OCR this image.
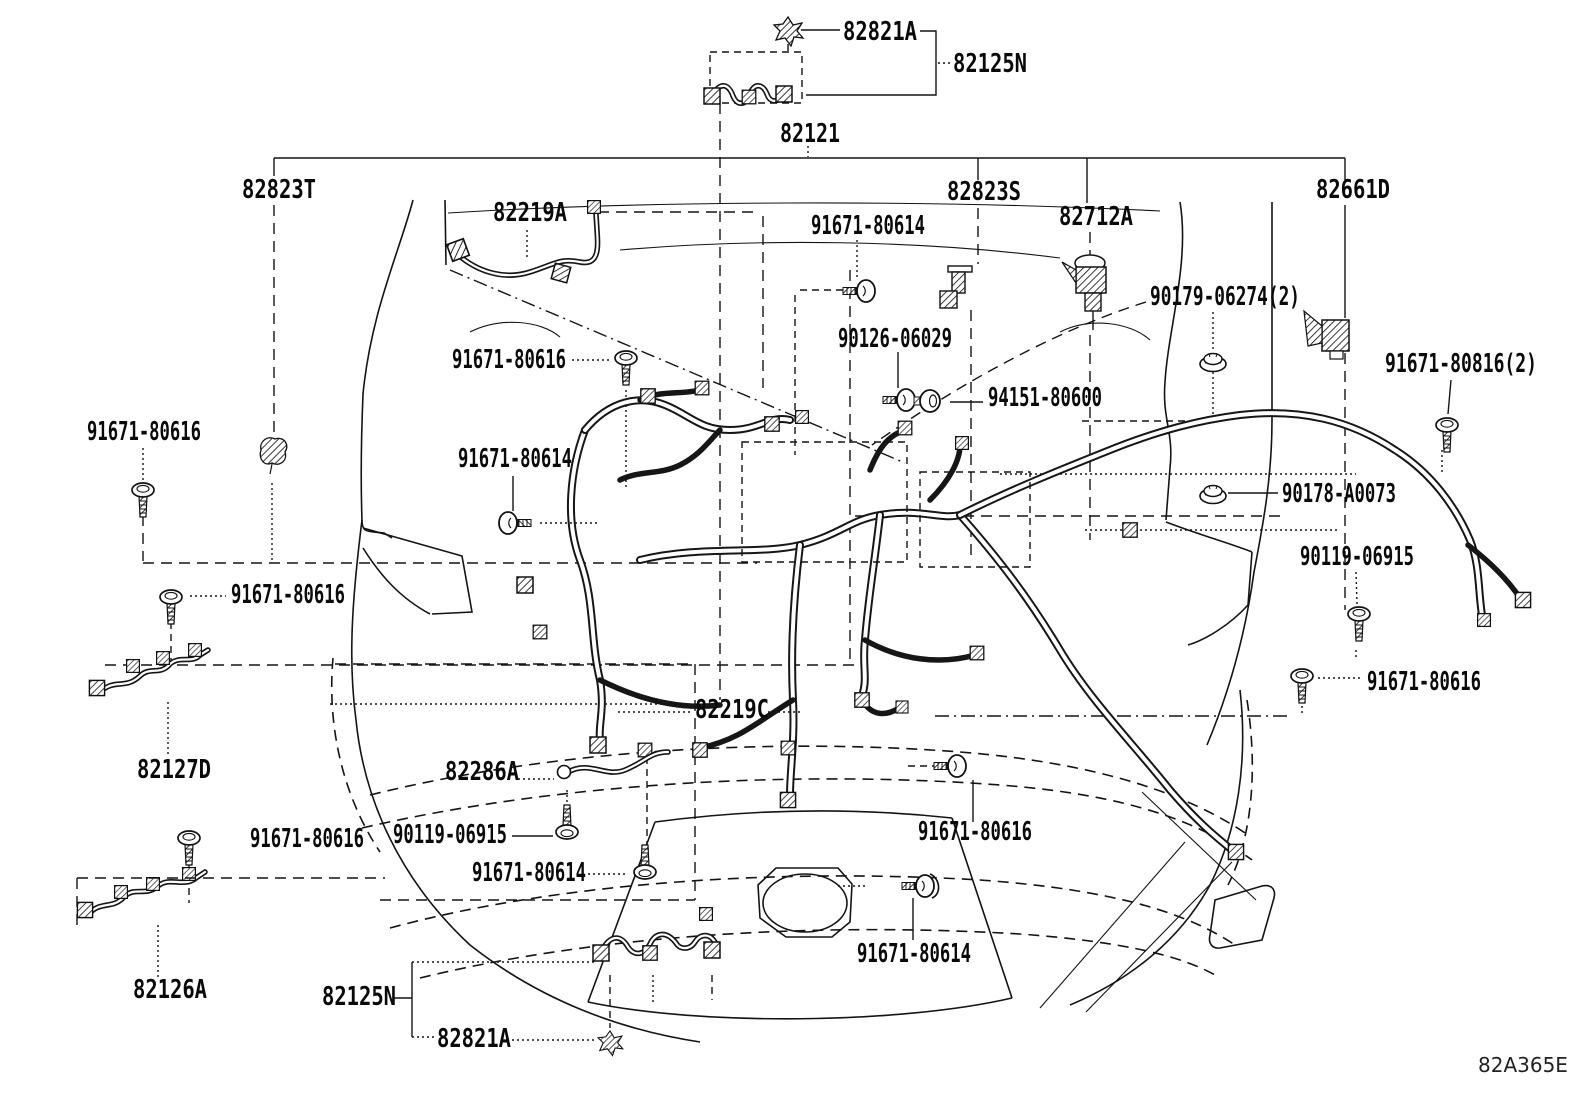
82821A
82125N
82121
82823T
82219A	91671-80614
82823S
82712A
82661D
90179-06274(2)
90126-06029
94151-80600
91671-80816(2)
91671-80616
91671-80616
91671-80614
90178-A0073
90119-06915
91671-80616
91671-80616
82127D
82219C
82286A
90119-06915
91671-80614
91671-80616	91671-80616
82126A	82125N
82821A
91671-80614
82A365E
